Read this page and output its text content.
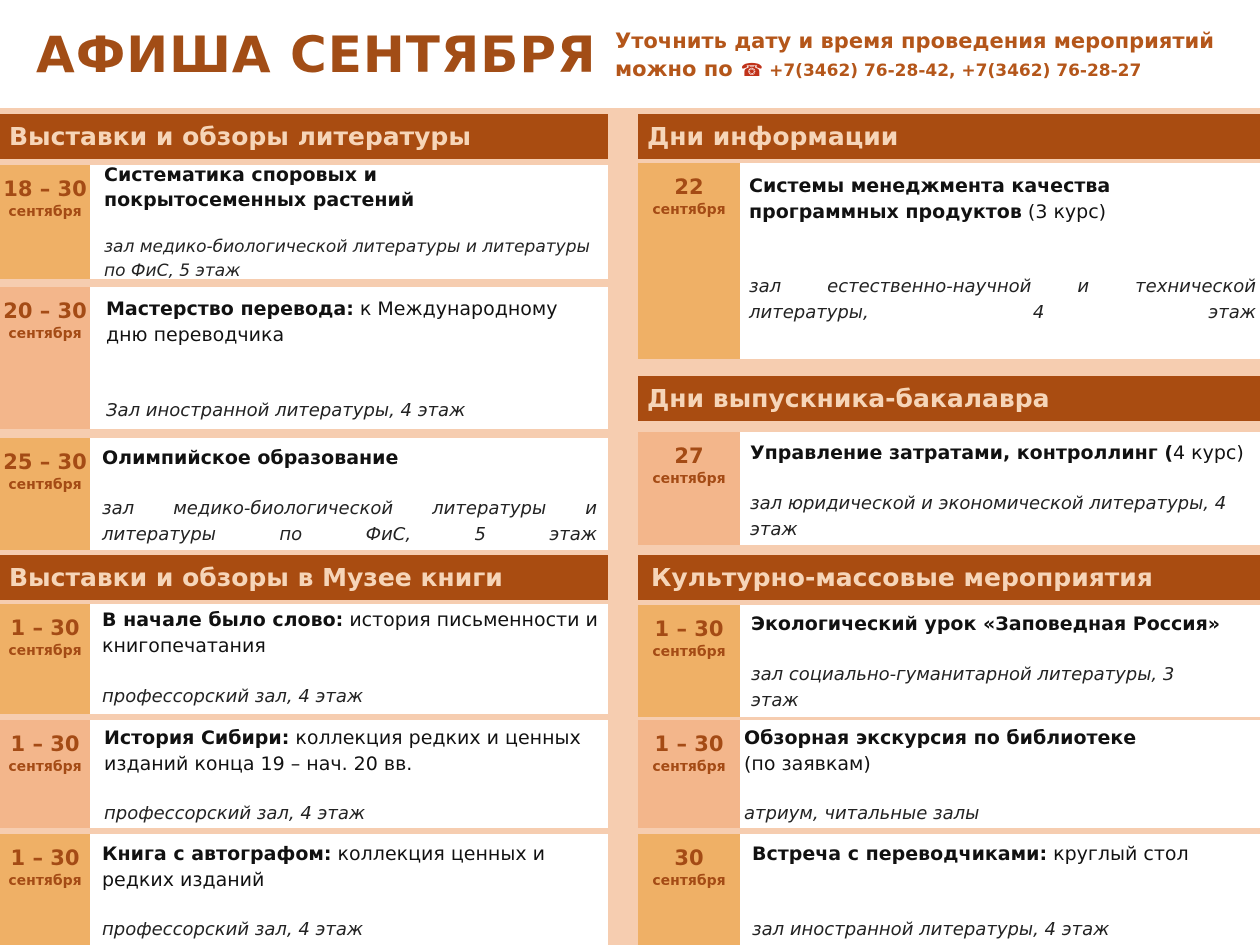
АФИША СЕНТЯБРЯ Уточнить дату и время проведения мероприятий
можно по ☎ +7(3462) 76-28-42, +7(3462) 76-28-27
Выставки и обзоры литературы
18 – 30
сентября
Систематика споровых и покрытосеменных растений
зал медико-биологической литературы и литературы по ФиС, 5 этаж
20 – 30
сентября
Мастерство перевода: к Международному дню переводчика
Зал иностранной литературы, 4 этаж
25 – 30
сентября
Олимпийское образование
зал медико-биологической литературы и литературы по ФиС, 5 этаж
Выставки и обзоры в Музее книги
1 – 30
сентября
В начале было слово: история письменности и книгопечатания
профессорский зал, 4 этаж
1 – 30
сентября
История Сибири: коллекция редких и ценных изданий конца 19 – нач. 20 вв.
профессорский зал, 4 этаж
1 – 30
сентября
Книга с автографом: коллекция ценных и редких изданий
профессорский зал, 4 этаж
Дни информации
22
сентября
Системы менеджмента качества программных продуктов (3 курс)
зал естественно-научной и технической литературы, 4 этаж
Дни выпускника-бакалавра
27
сентября
Управление затратами, контроллинг (4 курс)
зал юридической и экономической литературы, 4 этаж
Культурно-массовые мероприятия
1 – 30
сентября
Экологический урок «Заповедная Россия»
зал социально-гуманитарной литературы, 3 этаж
1 – 30
сентября
Обзорная экскурсия по библиотеке
(по заявкам)
атриум, читальные залы
30
сентября
Встреча с переводчиками: круглый стол
зал иностранной литературы, 4 этаж
